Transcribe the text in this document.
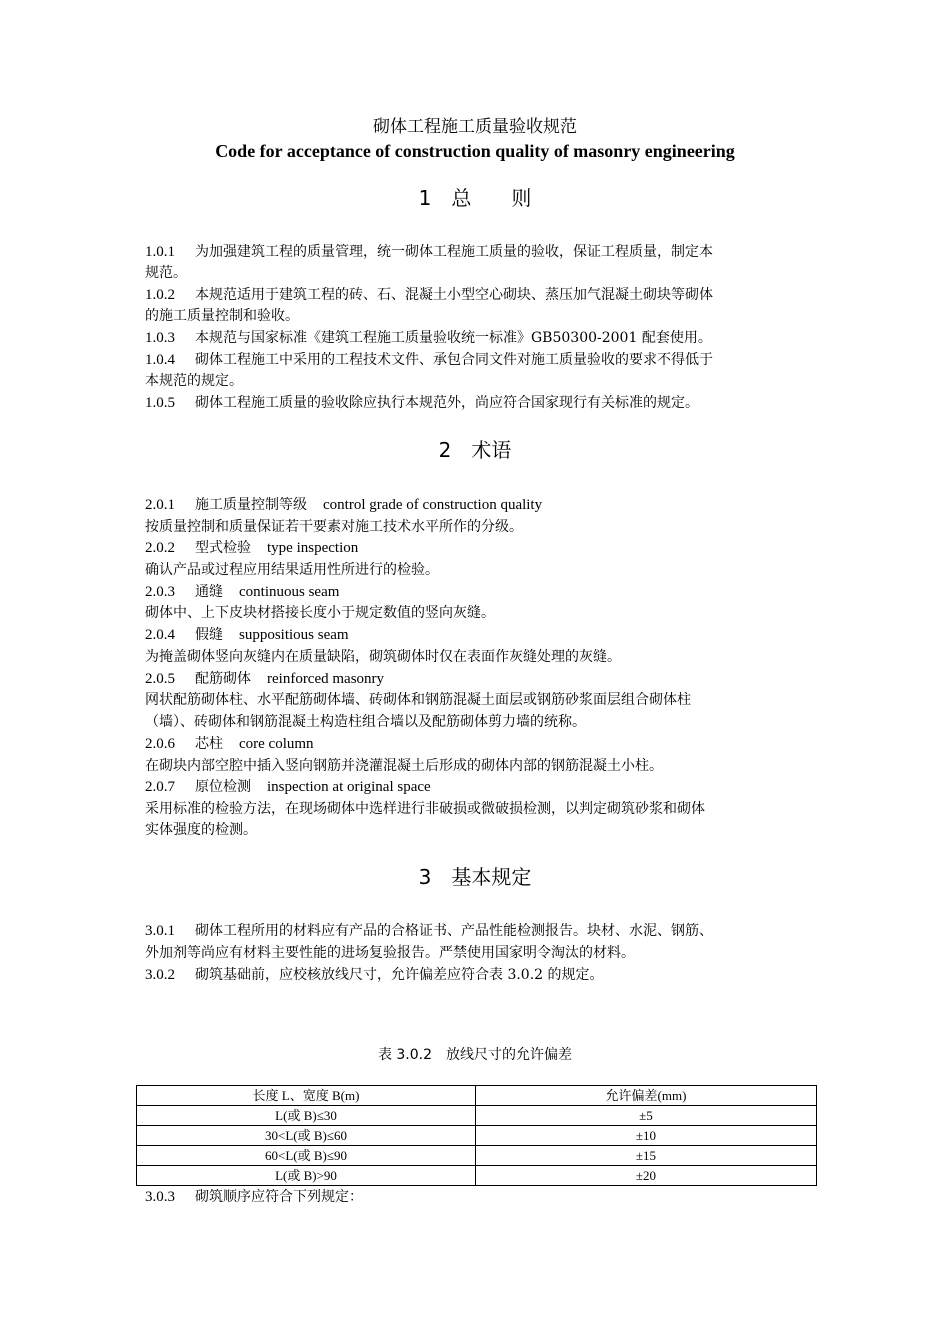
砌体工程施工质量验收规范
Code for acceptance of construction quality of masonry engineering
1　总　　则
1.0.1 为加强建筑工程的质量管理，统一砌体工程施工质量的验收，保证工程质量，制定本
规范。
1.0.2 本规范适用于建筑工程的砖、石、混凝土小型空心砌块、蒸压加气混凝土砌块等砌体
的施工质量控制和验收。
1.0.3 本规范与国家标准《建筑工程施工质量验收统一标准》GB50300-2001 配套使用。
1.0.4 砌体工程施工中采用的工程技术文件、承包合同文件对施工质量验收的要求不得低于
本规范的规定。
1.0.5 砌体工程施工质量的验收除应执行本规范外，尚应符合国家现行有关标准的规定。
2　术语
2.0.1 施工质量控制等级 control grade of construction quality
按质量控制和质量保证若干要素对施工技术水平所作的分级。
2.0.2 型式检验 type inspection
确认产品或过程应用结果适用性所进行的检验。
2.0.3 通缝 continuous seam
砌体中、上下皮块材搭接长度小于规定数值的竖向灰缝。
2.0.4 假缝 suppositious seam
为掩盖砌体竖向灰缝内在质量缺陷，砌筑砌体时仅在表面作灰缝处理的灰缝。
2.0.5 配筋砌体 reinforced masonry
网状配筋砌体柱、水平配筋砌体墙、砖砌体和钢筋混凝土面层或钢筋砂浆面层组合砌体柱
（墙）、砖砌体和钢筋混凝土构造柱组合墙以及配筋砌体剪力墙的统称。
2.0.6 芯柱 core column
在砌块内部空腔中插入竖向钢筋并浇灌混凝土后形成的砌体内部的钢筋混凝土小柱。
2.0.7 原位检测 inspection at original space
采用标准的检验方法，在现场砌体中选样进行非破损或微破损检测，以判定砌筑砂浆和砌体
实体强度的检测。
3　基本规定
3.0.1 砌体工程所用的材料应有产品的合格证书、产品性能检测报告。块材、水泥、钢筋、
外加剂等尚应有材料主要性能的进场复验报告。严禁使用国家明令淘汰的材料。
3.0.2 砌筑基础前，应校核放线尺寸，允许偏差应符合表 3.0.2 的规定。
表 3.0.2　放线尺寸的允许偏差
长度 L、宽度 B(m)	允许偏差(mm)
L(或 B)≤30	±5
30<L(或 B)≤60	±10
60<L(或 B)≤90	±15
L(或 B)>90	±20
3.0.3 砌筑顺序应符合下列规定：
